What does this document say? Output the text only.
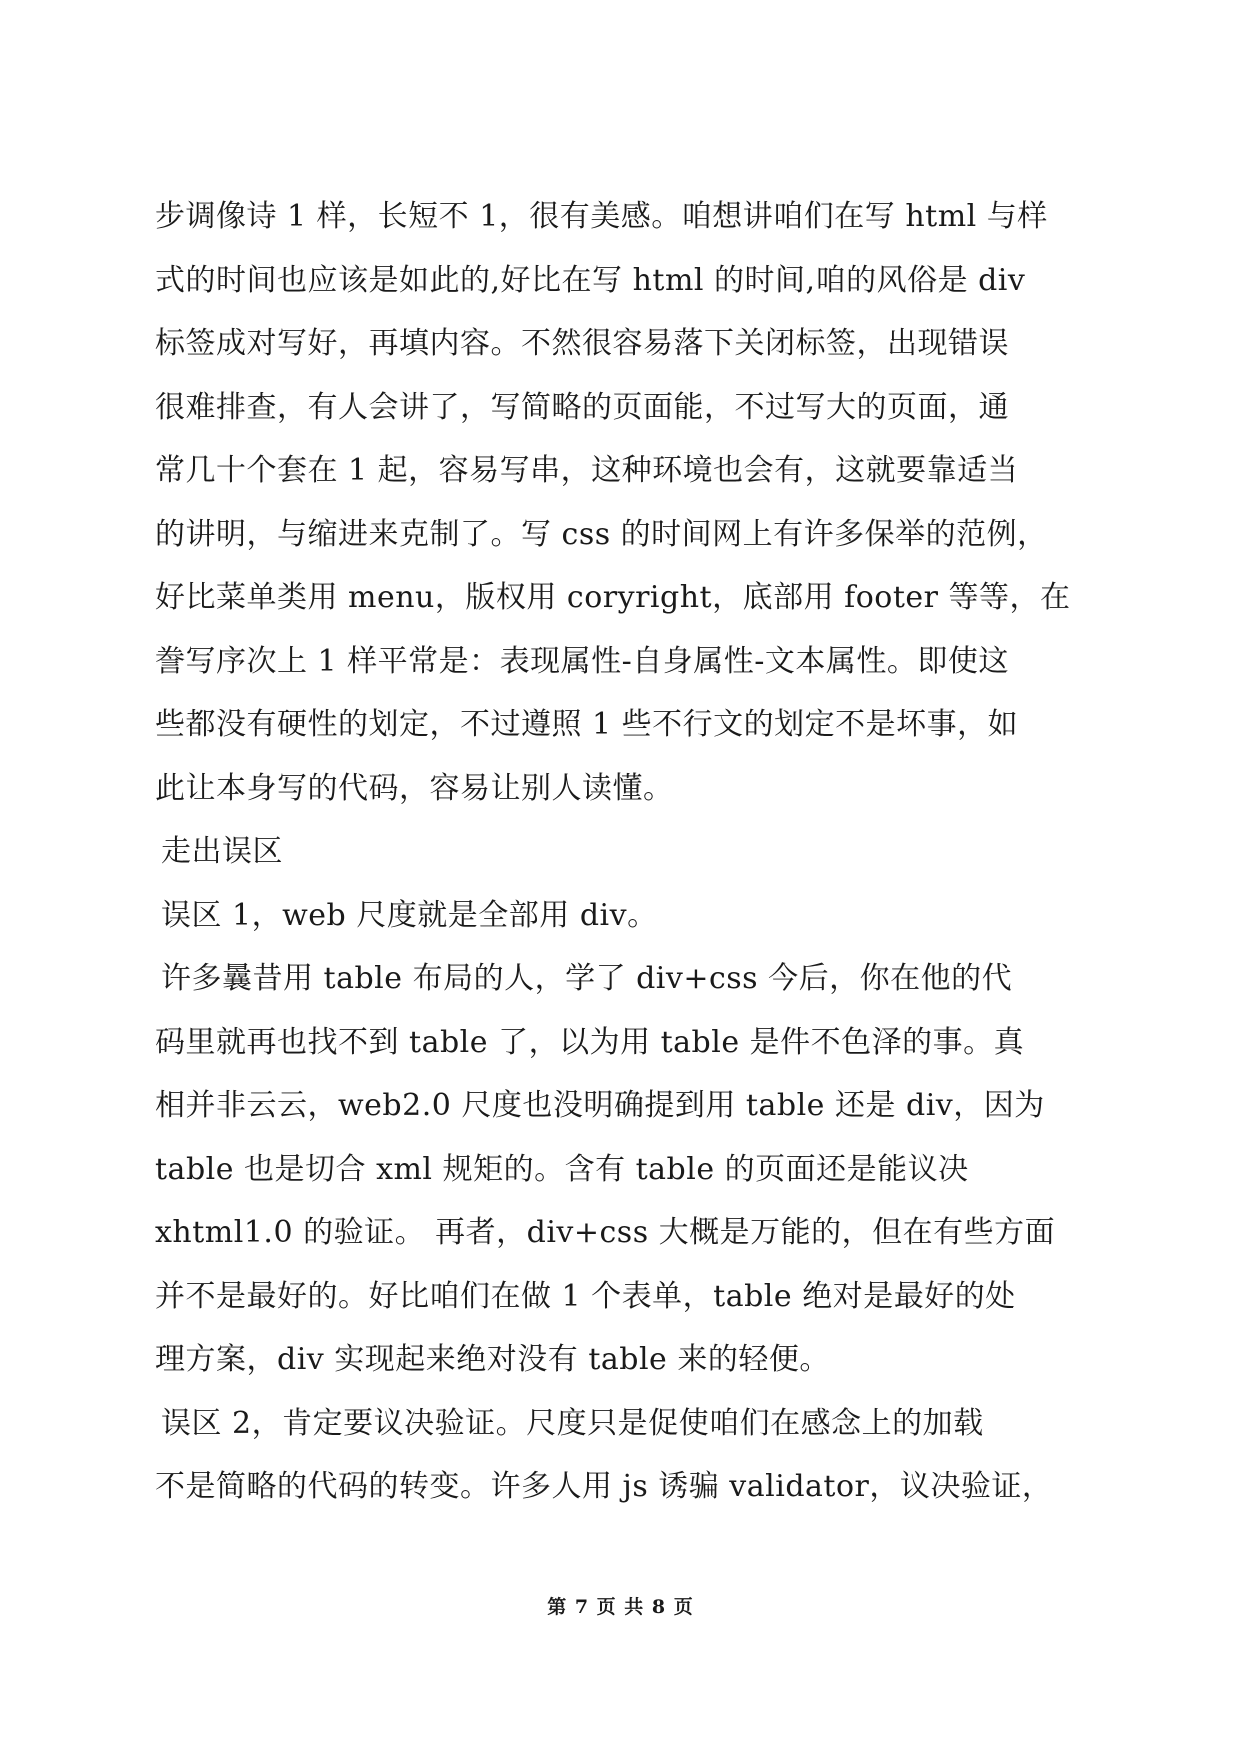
步调像诗 1 样，长短不 1，很有美感。咱想讲咱们在写 html 与样
式的时间也应该是如此的,好比在写 html 的时间,咱的风俗是 div
标签成对写好，再填内容。不然很容易落下关闭标签，出现错误
很难排查，有人会讲了，写简略的页面能，不过写大的页面，通
常几十个套在 1 起，容易写串，这种环境也会有，这就要靠适当
的讲明，与缩进来克制了。写 css 的时间网上有许多保举的范例，
好比菜单类用 menu，版权用 coryright，底部用 footer 等等，在
誊写序次上 1 样平常是：表现属性-自身属性-文本属性。即使这
些都没有硬性的划定，不过遵照 1 些不行文的划定不是坏事，如
此让本身写的代码，容易让别人读懂。
走出误区
误区 1，web 尺度就是全部用 div。
许多曩昔用 table 布局的人，学了 div+css 今后，你在他的代
码里就再也找不到 table 了，以为用 table 是件不色泽的事。真
相并非云云，web2.0 尺度也没明确提到用 table 还是 div，因为
table 也是切合 xml 规矩的。含有 table 的页面还是能议决
xhtml1.0 的验证。 再者，div+css 大概是万能的，但在有些方面
并不是最好的。好比咱们在做 1 个表单，table 绝对是最好的处
理方案，div 实现起来绝对没有 table 来的轻便。
误区 2，肯定要议决验证。尺度只是促使咱们在感念上的加载
不是简略的代码的转变。许多人用 js 诱骗 validator，议决验证，
第 7 页 共 8 页
